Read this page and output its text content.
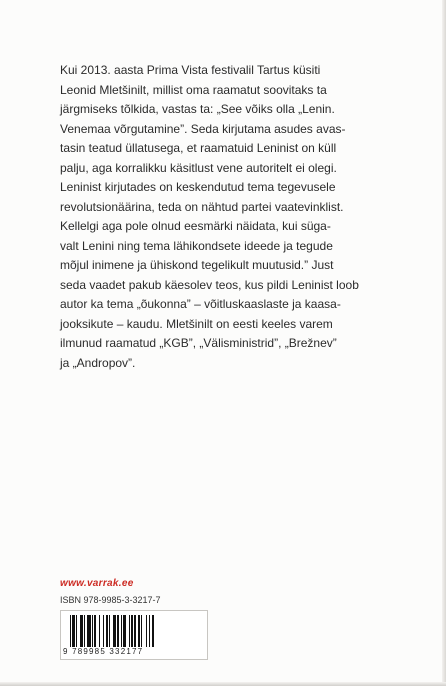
Kui 2013. aasta Prima Vista festivalil Tartus küsiti
Leonid Mletšinilt, millist oma raamatut soovitaks ta
järgmiseks tõlkida, vastas ta: „See võiks olla „Lenin.
Venemaa võrgutamine”. Seda kirjutama asudes avas-
tasin teatud üllatusega, et raamatuid Leninist on küll
palju, aga korralikku käsitlust vene autoritelt ei olegi.
Leninist kirjutades on keskendutud tema tegevusele
revolutsionäärina, teda on nähtud partei vaatevinklist.
Kellelgi aga pole olnud eesmärki näidata, kui süga-
valt Lenini ning tema lähikondsete ideede ja tegude
mõjul inimene ja ühiskond tegelikult muutusid.” Just
seda vaadet pakub käesolev teos, kus pildi Leninist loob
autor ka tema „õukonna” – võitluskaaslaste ja kaasa-
jooksikute – kaudu. Mletšinilt on eesti keeles varem
ilmunud raamatud „KGB”, „Välisministrid”, „Brežnev”
ja „Andropov”.
www.varrak.ee
ISBN 978-9985-3-3217-7
9 789985 332177
